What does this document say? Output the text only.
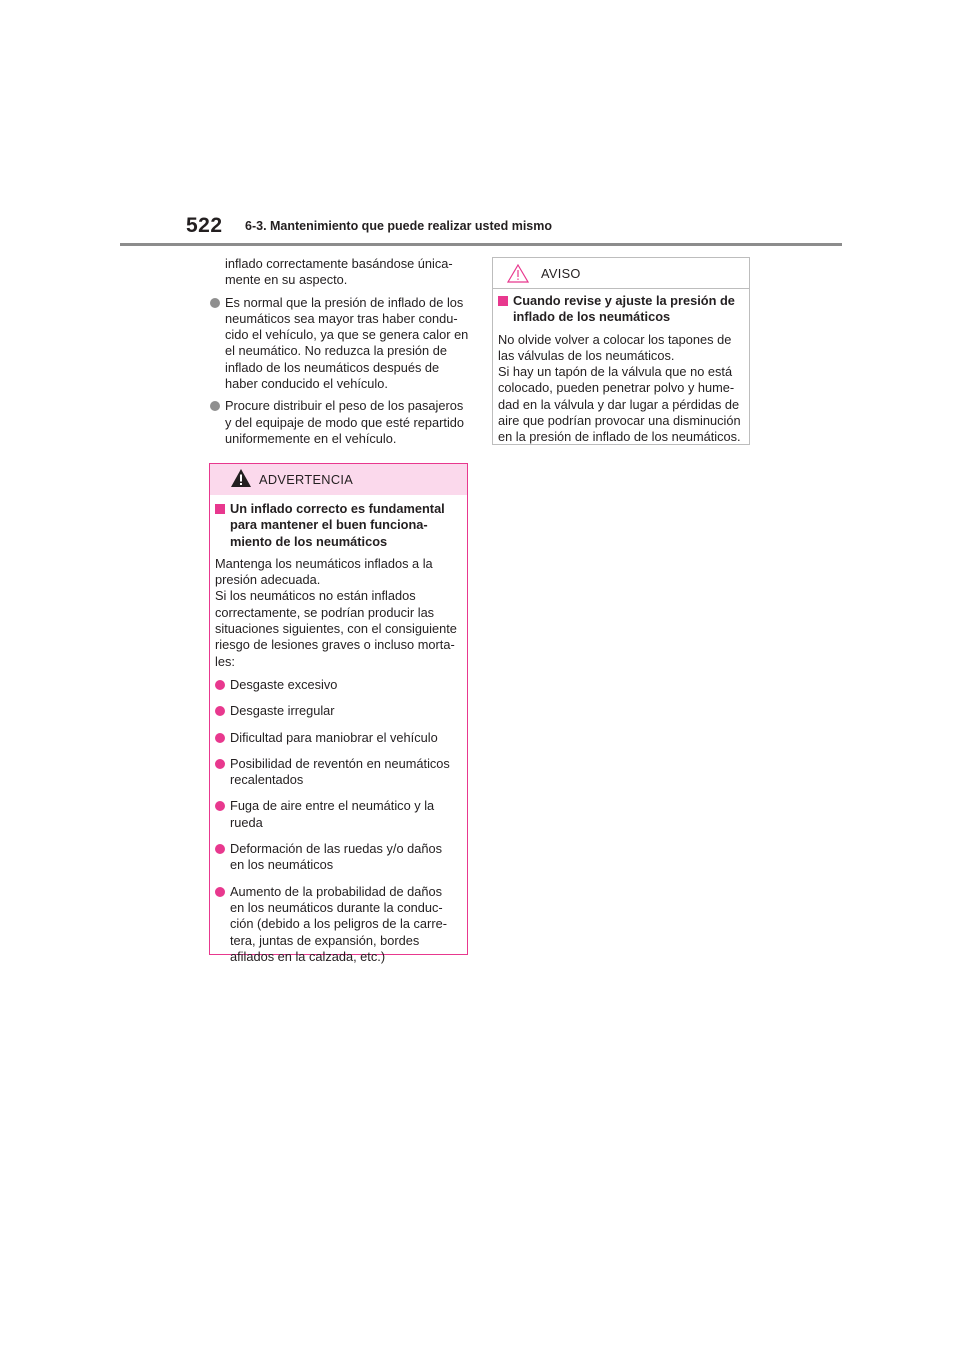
522 6-3. Mantenimiento que puede realizar usted mismo
inflado correctamente basándose única-
mente en su aspecto.
Es normal que la presión de inflado de los
neumáticos sea mayor tras haber condu-
cido el vehículo, ya que se genera calor en
el neumático. No reduzca la presión de
inflado de los neumáticos después de
haber conducido el vehículo.
Procure distribuir el peso de los pasajeros
y del equipaje de modo que esté repartido
uniformemente en el vehículo.
ADVERTENCIA
Un inflado correcto es fundamental
para mantener el buen funciona-
miento de los neumáticos
Mantenga los neumáticos inflados a la
presión adecuada.
Si los neumáticos no están inflados
correctamente, se podrían producir las
situaciones siguientes, con el consiguiente
riesgo de lesiones graves o incluso morta-
les:
Desgaste excesivo
Desgaste irregular
Dificultad para maniobrar el vehículo
Posibilidad de reventón en neumáticos
recalentados
Fuga de aire entre el neumático y la
rueda
Deformación de las ruedas y/o daños
en los neumáticos
Aumento de la probabilidad de daños
en los neumáticos durante la conduc-
ción (debido a los peligros de la carre-
tera, juntas de expansión, bordes
afilados en la calzada, etc.)
AVISO
Cuando revise y ajuste la presión de
inflado de los neumáticos
No olvide volver a colocar los tapones de
las válvulas de los neumáticos.
Si hay un tapón de la válvula que no está
colocado, pueden penetrar polvo y hume-
dad en la válvula y dar lugar a pérdidas de
aire que podrían provocar una disminución
en la presión de inflado de los neumáticos.
